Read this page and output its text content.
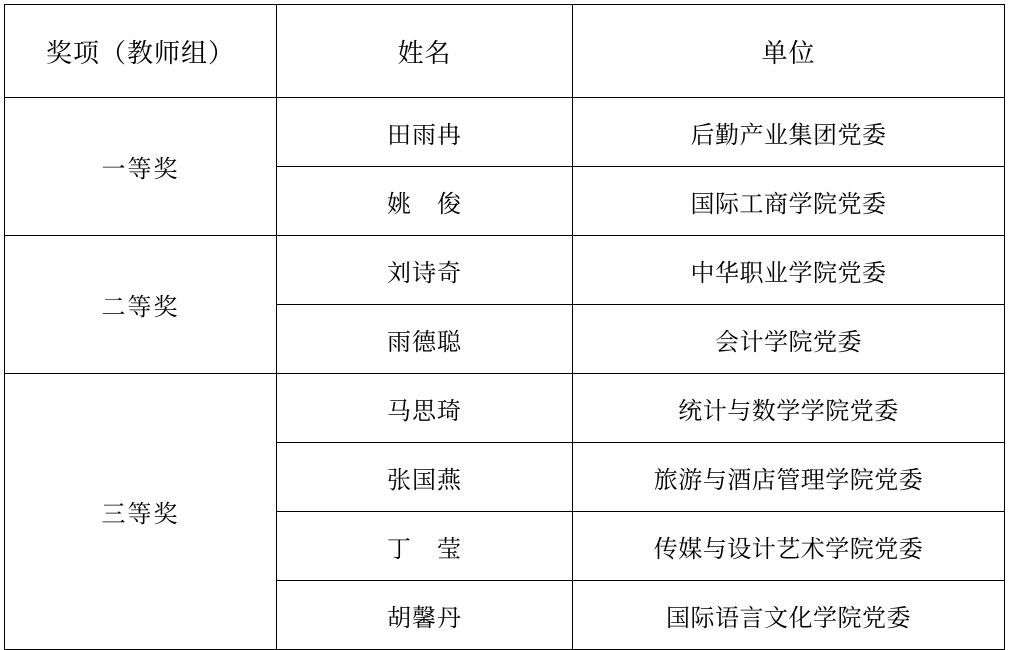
奖项（教师组）	姓名	单位
一等奖	田雨冉	后勤产业集团党委
	姚　俊	国际工商学院党委
二等奖	刘诗奇	中华职业学院党委
	雨德聪	会计学院党委
三等奖	马思琦	统计与数学学院党委
	张国燕	旅游与酒店管理学院党委
	丁　莹	传媒与设计艺术学院党委
	胡馨丹	国际语言文化学院党委
